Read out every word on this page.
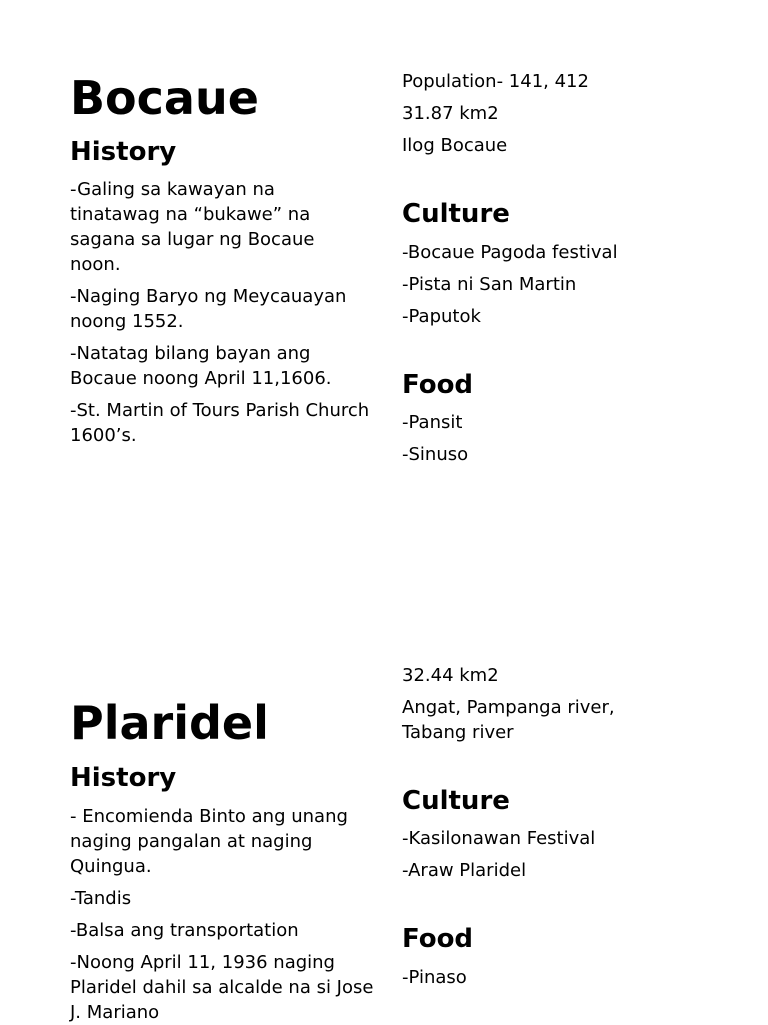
Bocaue
History

-Galing sa kawayan na tinatawag na “bukawe” na sagana sa lugar ng Bocaue noon.

-Naging Baryo ng Meycauayan noong 1552.

-Natatag bilang bayan ang Bocaue noong April 11,1606.

-St. Martin of Tours Parish Church 1600’s.

Population- 141, 412
31.87 km2
Ilog Bocaue
Culture
-Bocaue Pagoda festival
-Pista ni San Martin
-Paputok
Food
-Pansit
-Sinuso
Plaridel
History

- Encomienda Binto ang unang naging pangalan at naging Quingua.

-Tandis

-Balsa ang transportation

-Noong April 11, 1936 naging Plaridel dahil sa alcalde na si Jose J. Mariano

32.44 km2
Angat, Pampanga river, Tabang river
Culture
-Kasilonawan Festival
-Araw Plaridel
Food
-Pinaso
